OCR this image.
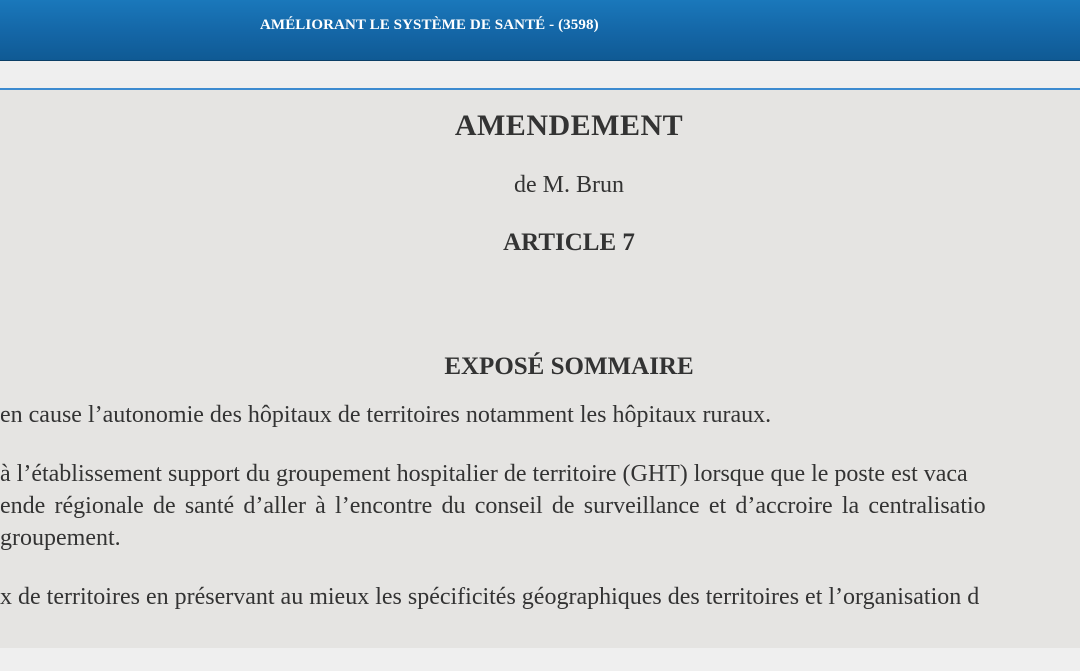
AMÉLIORANT LE SYSTÈME DE SANTÉ - (3598)
AMENDEMENT
de M. Brun
ARTICLE 7
EXPOSÉ SOMMAIRE
en cause l’autonomie des hôpitaux de territoires notamment les hôpitaux ruraux.
à l’établissement support du groupement hospitalier de territoire (GHT) lorsque que le poste est vaca
ende régionale de santé d’aller à l’encontre du conseil de surveillance et d’accroire la centralisatio
groupement.
x de territoires en préservant au mieux les spécificités géographiques des territoires et l’organisation d
